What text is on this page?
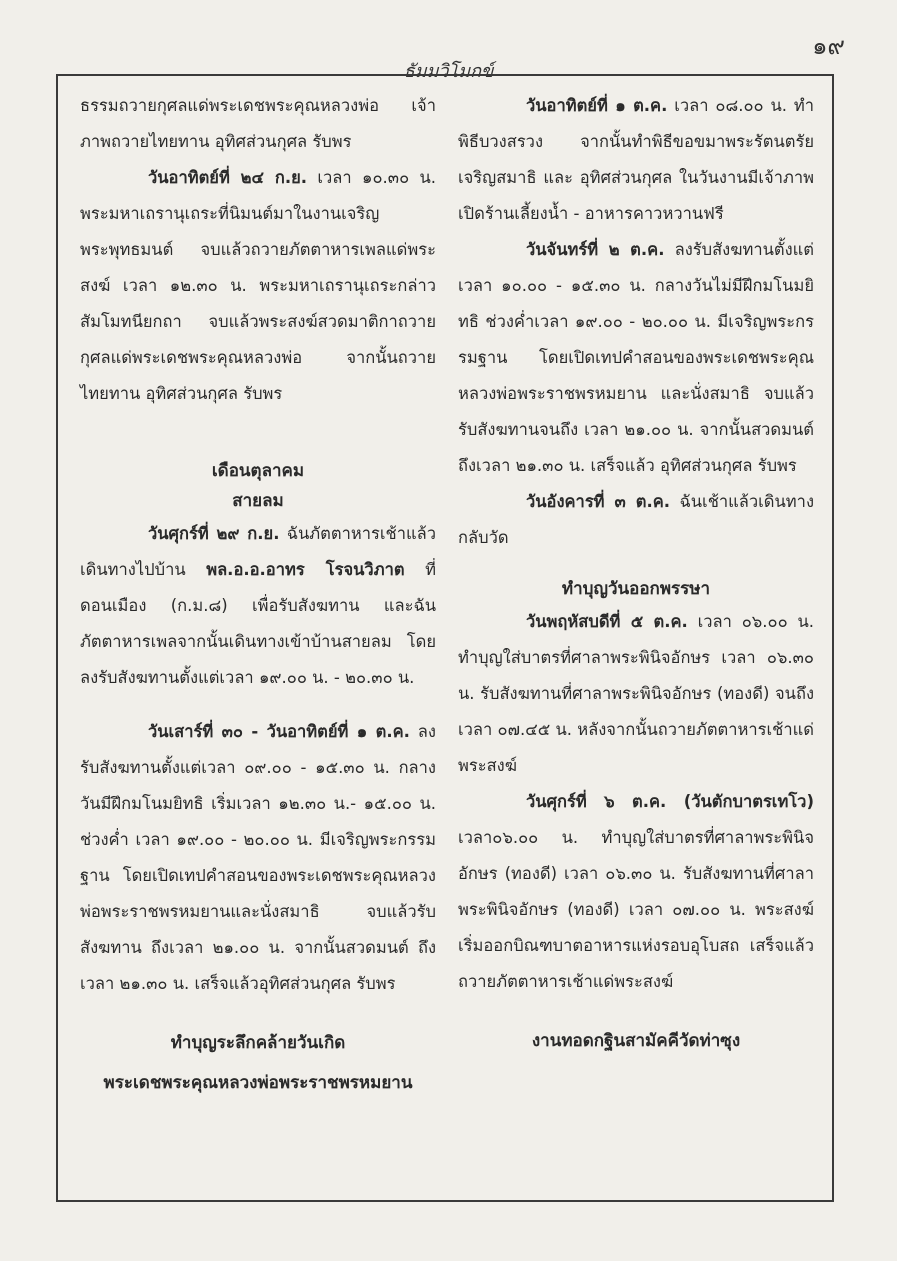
๑๙
ธัมมวิโมกข์

ธรรมถวายกุศลแด่พระเดชพระคุณหลวงพ่อ เจ้าภาพถวายไทยทาน อุทิศส่วนกุศล รับพร

วันอาทิตย์ที่ ๒๔ ก.ย. เวลา ๑๐.๓๐ น. พระมหาเถรานุเถระที่นิมนต์มาในงานเจริญพระพุทธมนต์ จบแล้วถวายภัตตาหารเพลแด่พระสงฆ์ เวลา ๑๒.๓๐ น. พระมหาเถรานุเถระกล่าวสัมโมทนียกถา จบแล้วพระสงฆ์สวดมาติกาถวายกุศลแด่พระเดชพระคุณหลวงพ่อ จากนั้นถวายไทยทาน อุทิศส่วนกุศล รับพร

เดือนตุลาคม

สายลม

วันศุกร์ที่ ๒๙ ก.ย. ฉันภัตตาหารเช้าแล้วเดินทางไปบ้าน พล.อ.อ.อาทร โรจนวิภาต ที่ดอนเมือง (ก.ม.๘) เพื่อรับสังฆทาน และฉันภัตตาหารเพลจากนั้นเดินทางเข้าบ้านสายลม โดยลงรับสังฆทานตั้งแต่เวลา ๑๙.๐๐ น. - ๒๐.๓๐ น.

วันเสาร์ที่ ๓๐ - วันอาทิตย์ที่ ๑ ต.ค. ลงรับสังฆทานตั้งแต่เวลา ๐๙.๐๐ - ๑๕.๓๐ น. กลางวันมีฝึกมโนมยิทธิ เริ่มเวลา ๑๒.๓๐ น.- ๑๕.๐๐ น. ช่วงค่ำ เวลา ๑๙.๐๐ - ๒๐.๐๐ น. มีเจริญพระกรรมฐาน โดยเปิดเทปคำสอนของพระเดชพระคุณหลวงพ่อพระราชพรหมยานและนั่งสมาธิ จบแล้วรับสังฆทาน ถึงเวลา ๒๑.๐๐ น. จากนั้นสวดมนต์ ถึงเวลา ๒๑.๓๐ น. เสร็จแล้วอุทิศส่วนกุศล รับพร

ทำบุญระลึกคล้ายวันเกิด

พระเดชพระคุณหลวงพ่อพระราชพรหมยาน

วันอาทิตย์ที่ ๑ ต.ค. เวลา ๐๘.๐๐ น. ทำพิธีบวงสรวง จากนั้นทำพิธีขอขมาพระรัตนตรัย เจริญสมาธิ และ อุทิศส่วนกุศล ในวันงานมีเจ้าภาพเปิดร้านเลี้ยงน้ำ - อาหารคาวหวานฟรี

วันจันทร์ที่ ๒ ต.ค. ลงรับสังฆทานตั้งแต่เวลา ๑๐.๐๐ - ๑๕.๓๐ น. กลางวันไม่มีฝึกมโนมยิทธิ ช่วงค่ำเวลา ๑๙.๐๐ - ๒๐.๐๐ น. มีเจริญพระกรรมฐาน โดยเปิดเทปคำสอนของพระเดชพระคุณหลวงพ่อพระราชพรหมยาน และนั่งสมาธิ จบแล้วรับสังฆทานจนถึง เวลา ๒๑.๐๐ น. จากนั้นสวดมนต์ถึงเวลา ๒๑.๓๐ น. เสร็จแล้ว อุทิศส่วนกุศล รับพร

วันอังคารที่ ๓ ต.ค. ฉันเช้าแล้วเดินทางกลับวัด

ทำบุญวันออกพรรษา

วันพฤหัสบดีที่ ๕ ต.ค. เวลา ๐๖.๐๐ น. ทำบุญใส่บาตรที่ศาลาพระพินิจอักษร เวลา ๐๖.๓๐ น. รับสังฆทานที่ศาลาพระพินิจอักษร (ทองดี) จนถึงเวลา ๐๗.๔๕ น. หลังจากนั้นถวายภัตตาหารเช้าแด่พระสงฆ์

วันศุกร์ที่ ๖ ต.ค. (วันตักบาตรเทโว) เวลา๐๖.๐๐ น. ทำบุญใส่บาตรที่ศาลาพระพินิจอักษร (ทองดี) เวลา ๐๖.๓๐ น. รับสังฆทานที่ศาลาพระพินิจอักษร (ทองดี) เวลา ๐๗.๐๐ น. พระสงฆ์ เริ่มออกบิณฑบาตอาหารแห่งรอบอุโบสถ เสร็จแล้วถวายภัตตาหารเช้าแด่พระสงฆ์

งานทอดกฐินสามัคคีวัดท่าซุง
